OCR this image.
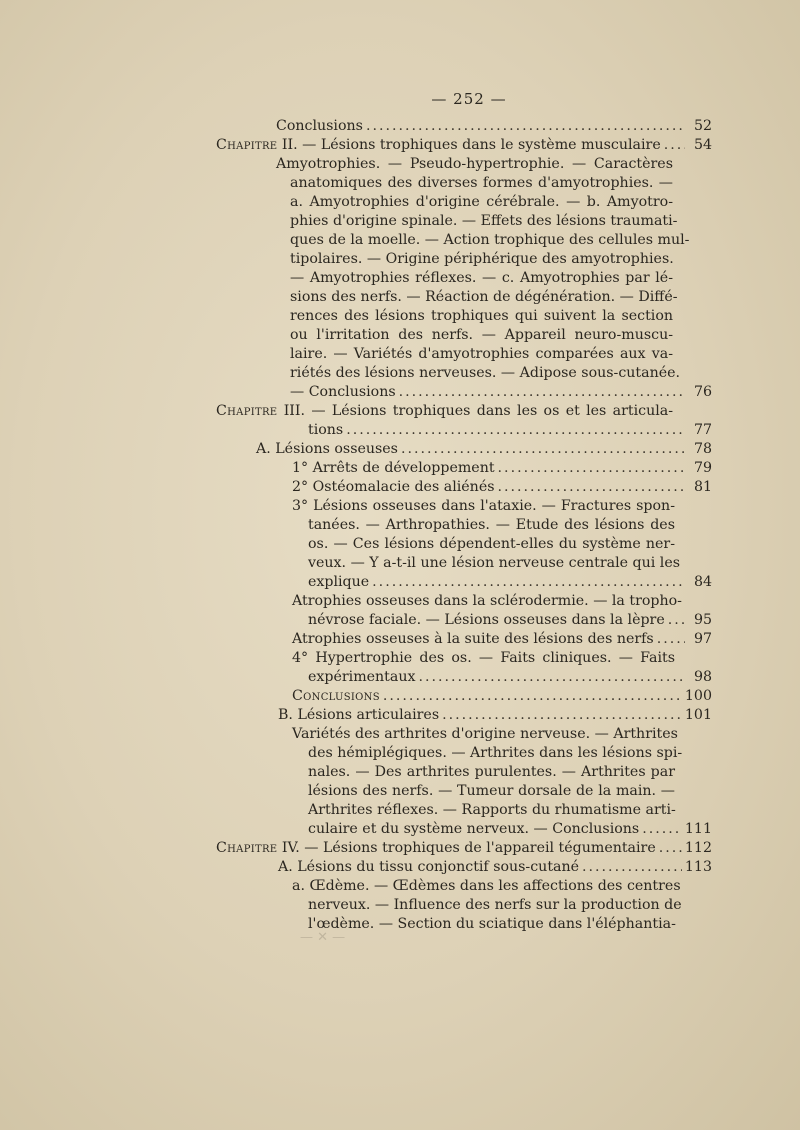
— ✕ —
— 252 —
Conclusions .....	52
Chapitre II. — Lésions trophiques dans le système musculaire .....	54
Amyotrophies. — Pseudo-hypertrophie. — Caractères
anatomiques des diverses formes d'amyotrophies. —
a. Amyotrophies d'origine cérébrale. — b. Amyotro-
phies d'origine spinale. — Effets des lésions traumati-
ques de la moelle. — Action trophique des cellules mul-
tipolaires. — Origine périphérique des amyotrophies.
— Amyotrophies réflexes. — c. Amyotrophies par lé-
sions des nerfs. — Réaction de dégénération. — Diffé-
rences des lésions trophiques qui suivent la section
ou l'irritation des nerfs. — Appareil neuro-muscu-
laire. — Variétés d'amyotrophies comparées aux va-
riétés des lésions nerveuses. — Adipose sous-cutanée.
— Conclusions .....	76
Chapitre III. — Lésions trophiques dans les os et les articula-
tions .....	77
A. Lésions osseuses .....	78
1° Arrêts de développement .....	79
2° Ostéomalacie des aliénés .....	81
3° Lésions osseuses dans l'ataxie. — Fractures spon-
tanées. — Arthropathies. — Etude des lésions des
os. — Ces lésions dépendent-elles du système ner-
veux. — Y a-t-il une lésion nerveuse centrale qui les
explique .....	84
Atrophies osseuses dans la sclérodermie. — la tropho-
névrose faciale. — Lésions osseuses dans la lèpre .....	95
Atrophies osseuses à la suite des lésions des nerfs .....	97
4° Hypertrophie des os. — Faits cliniques. — Faits
expérimentaux .....	98
Conclusions .....	100
B. Lésions articulaires .....	101
Variétés des arthrites d'origine nerveuse. — Arthrites
des hémiplégiques. — Arthrites dans les lésions spi-
nales. — Des arthrites purulentes. — Arthrites par
lésions des nerfs. — Tumeur dorsale de la main. —
Arthrites réflexes. — Rapports du rhumatisme arti-
culaire et du système nerveux. — Conclusions .....	111
Chapitre IV. — Lésions trophiques de l'appareil tégumentaire ..... 112
A. Lésions du tissu conjonctif sous-cutané .....	113
a. Œdème. — Œdèmes dans les affections des centres
nerveux. — Influence des nerfs sur la production de
l'œdème. — Section du sciatique dans l'éléphantia-
